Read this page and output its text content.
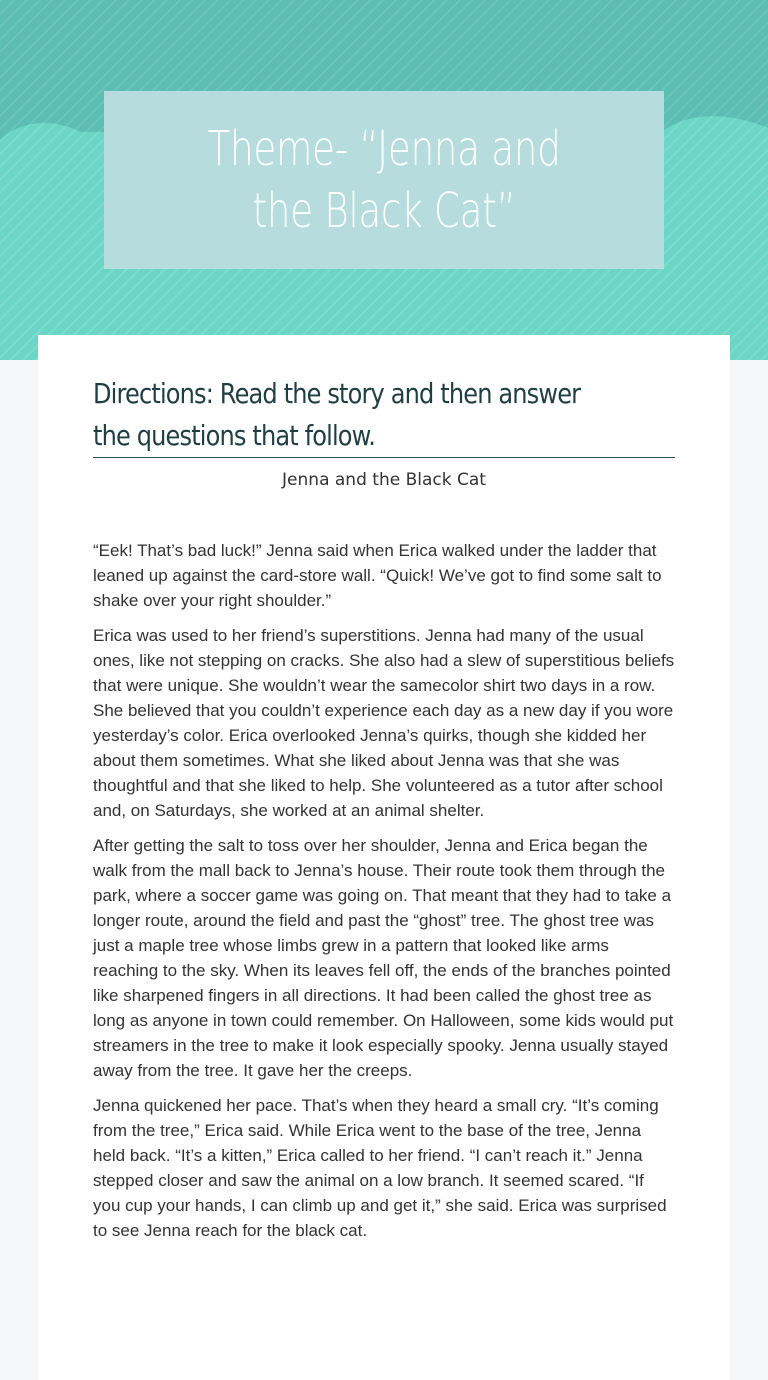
Theme- “Jenna and the Black Cat”
Directions: Read the story and then answer the questions that follow.

Jenna and the Black Cat

“Eek! That’s bad luck!” Jenna said when Erica walked under the ladder that leaned up against the card-store wall. “Quick! We’ve got to find some salt to shake over your right shoulder.”

Erica was used to her friend’s superstitions. Jenna had many of the usual ones, like not stepping on cracks. She also had a slew of superstitious beliefs that were unique. She wouldn’t wear the samecolor shirt two days in a row. She believed that you couldn’t experience each day as a new day if you wore yesterday’s color. Erica overlooked Jenna’s quirks, though she kidded her about them sometimes. What she liked about Jenna was that she was thoughtful and that she liked to help. She volunteered as a tutor after school and, on Saturdays, she worked at an animal shelter.

After getting the salt to toss over her shoulder, Jenna and Erica began the walk from the mall back to Jenna’s house. Their route took them through the park, where a soccer game was going on. That meant that they had to take a longer route, around the field and past the “ghost” tree. The ghost tree was just a maple tree whose limbs grew in a pattern that looked like arms reaching to the sky. When its leaves fell off, the ends of the branches pointed like sharpened fingers in all directions. It had been called the ghost tree as long as anyone in town could remember. On Halloween, some kids would put streamers in the tree to make it look especially spooky. Jenna usually stayed away from the tree. It gave her the creeps.

Jenna quickened her pace. That’s when they heard a small cry. “It’s coming from the tree,” Erica said. While Erica went to the base of the tree, Jenna held back. “It’s a kitten,” Erica called to her friend. “I can’t reach it.” Jenna stepped closer and saw the animal on a low branch. It seemed scared. “If you cup your hands, I can climb up and get it,” she said. Erica was surprised to see Jenna reach for the black cat.
